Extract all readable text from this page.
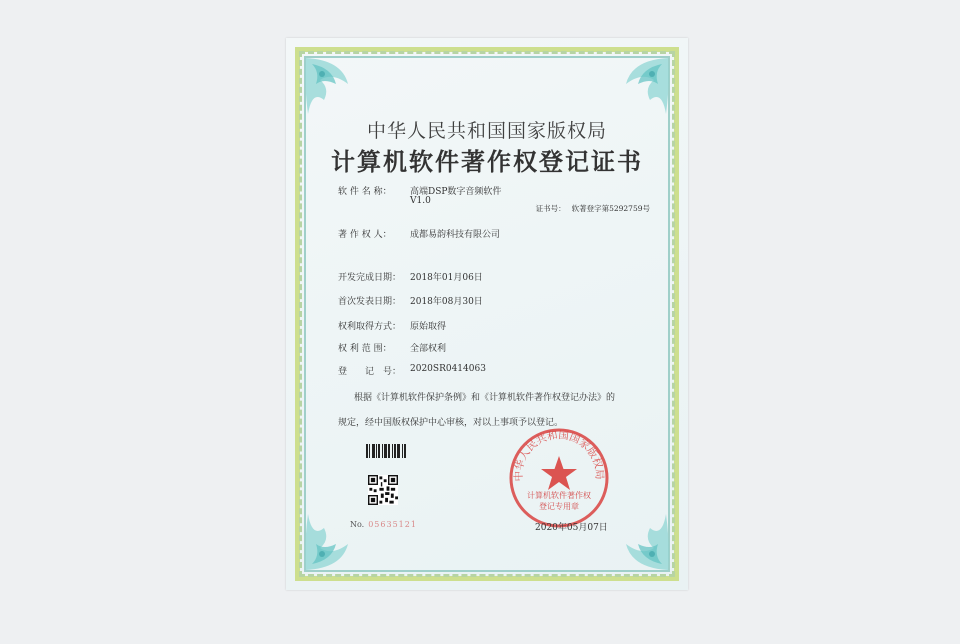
中华人民共和国国家版权局
计算机软件著作权登记证书
证书号： 软著登字第5292759号
软 件 名 称： 高端DSP数字音频软件
V1.0
著 作 权 人： 成都易韵科技有限公司
开发完成日期： 2018年01月06日
首次发表日期： 2018年08月30日
权利取得方式： 原始取得
权 利 范 围： 全部权利
登　　记　号： 2020SR0414063
根据《计算机软件保护条例》和《计算机软件著作权登记办法》的
规定，经中国版权保护中心审核，对以上事项予以登记。
No. 05635121
中华人民共和国国家版权局
计算机软件著作权
登记专用章
2020年05月07日
